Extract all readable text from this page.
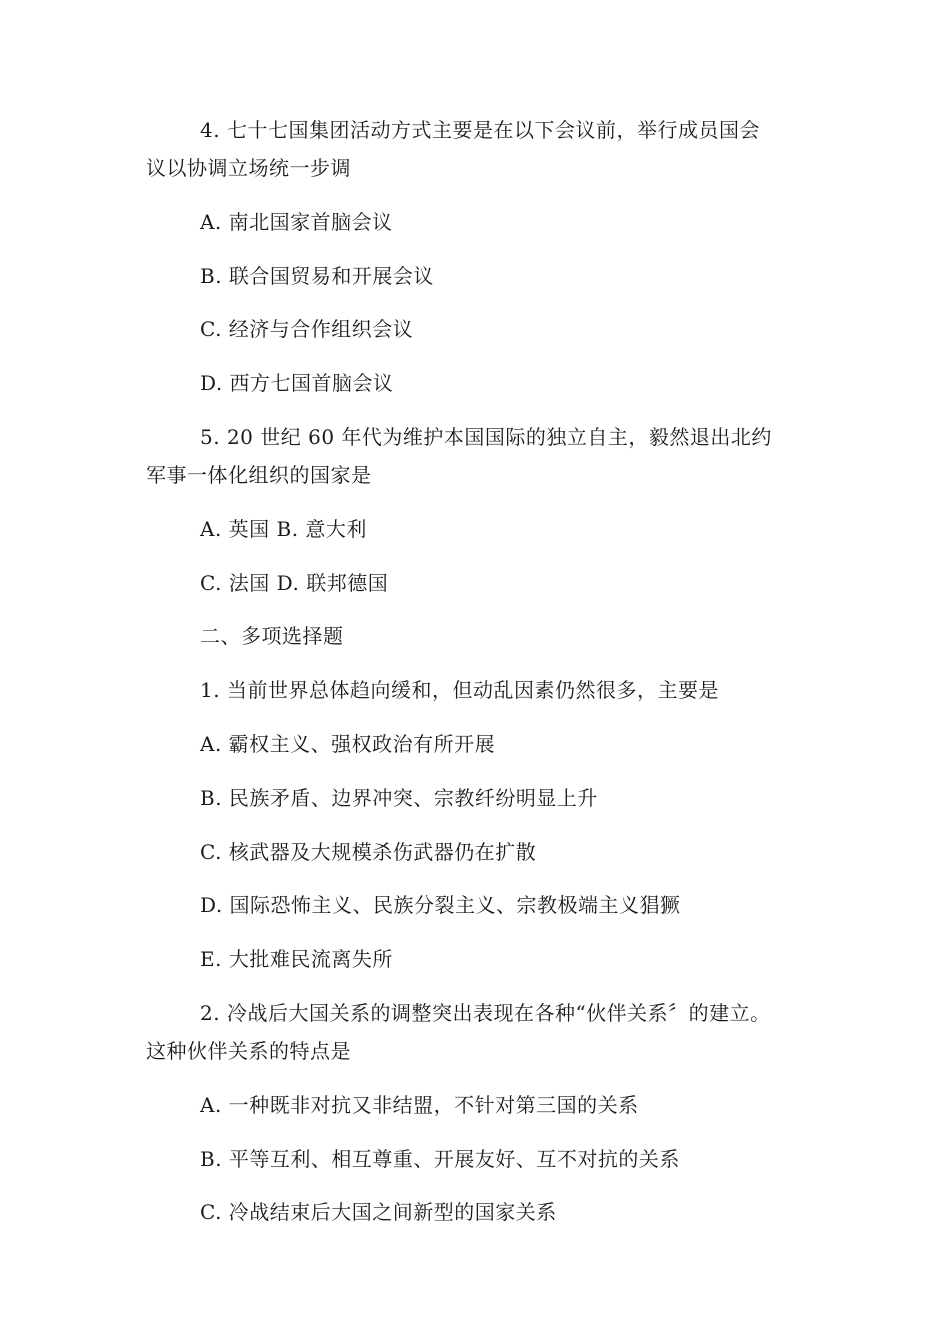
4. 七十七国集团活动方式主要是在以下会议前，举行成员国会
议以协调立场统一步调
A. 南北国家首脑会议
B. 联合国贸易和开展会议
C. 经济与合作组织会议
D. 西方七国首脑会议
5. 20 世纪 60 年代为维护本国国际的独立自主，毅然退出北约
军事一体化组织的国家是
A. 英国 B. 意大利
C. 法国 D. 联邦德国
二、多项选择题
1. 当前世界总体趋向缓和，但动乱因素仍然很多，主要是
A. 霸权主义、强权政治有所开展
B. 民族矛盾、边界冲突、宗教纤纷明显上升
C. 核武器及大规模杀伤武器仍在扩散
D. 国际恐怖主义、民族分裂主义、宗教极端主义猖獗
E. 大批难民流离失所
2. 冷战后大国关系的调整突出表现在各种“伙伴关系〞的建立。
这种伙伴关系的特点是
A. 一种既非对抗又非结盟，不针对第三国的关系
B. 平等互利、相互尊重、开展友好、互不对抗的关系
C. 冷战结束后大国之间新型的国家关系
